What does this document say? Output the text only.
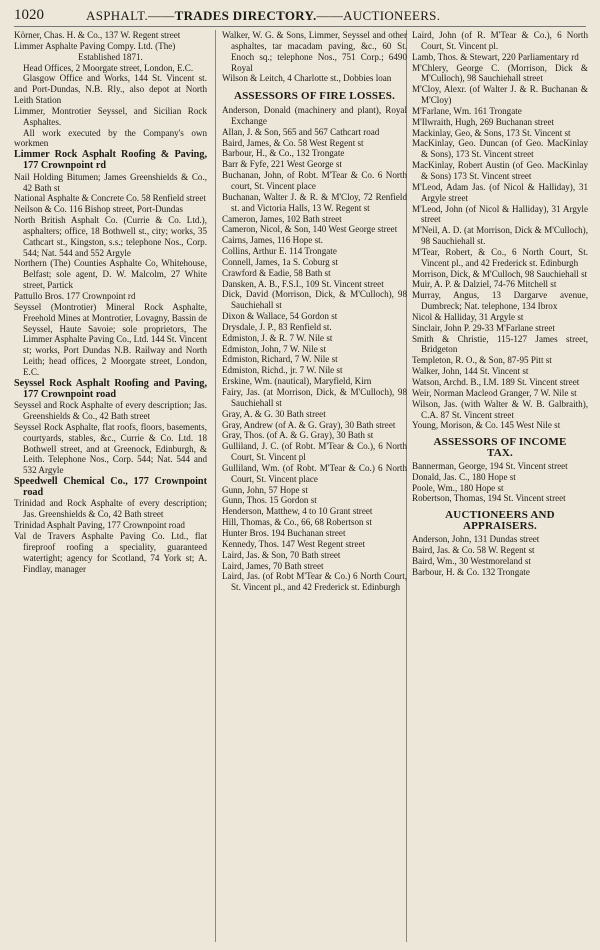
1020	ASPHALT.——TRADES DIRECTORY.——AUCTIONEERS.

Körner, Chas. H. & Co., 137 W. Regent street

Limmer Asphalte Paving Compy. Ltd. (The)

Established 1871.

Head Offices, 2 Moorgate street, London, E.C.

Glasgow Office and Works, 144 St. Vincent st. and Port-Dundas, N.B. Rly., also depot at North Leith Station

Limmer, Montrotier Seyssel, and Sicilian Rock Asphaltes.

All work executed by the Company's own workmen

Limmer Rock Asphalt Roofing & Paving, 177 Crownpoint rd

Nail Holding Bitumen; James Greenshields & Co., 42 Bath st

National Asphalte & Concrete Co. 58 Renfield street

Neilson & Co. 116 Bishop street, Port-Dundas

North British Asphalt Co. (Currie & Co. Ltd.), asphalters; office, 18 Bothwell st., city; works, 35 Cathcart st., Kingston, s.s.; telephone Nos., Corp. 544; Nat. 544 and 552 Argyle

Northern (The) Counties Asphalte Co, Whitehouse, Belfast; sole agent, D. W. Malcolm, 27 White street, Partick

Pattullo Bros. 177 Crownpoint rd

Seyssel (Montrotier) Mineral Rock Asphalte, Freehold Mines at Montrotier, Lovagny, Bassin de Seyssel, Haute Savoie; sole proprietors, The Limmer Asphalte Paving Co., Ltd. 144 St. Vincent st; works, Port Dundas N.B. Railway and North Leith; head offices, 2 Moorgate street, London, E.C.

Seyssel Rock Asphalt Roofing and Paving, 177 Crownpoint road

Seyssel and Rock Asphalte of every description; Jas. Greenshields & Co., 42 Bath street

Seyssel Rock Asphalte, flat roofs, floors, basements, courtyards, stables, &c., Currie & Co. Ltd. 18 Bothwell street, and at Greenock, Edinburgh, & Leith. Telephone Nos., Corp. 544; Nat. 544 and 532 Argyle

Speedwell Chemical Co., 177 Crownpoint road

Trinidad and Rock Asphalte of every description; Jas. Greenshields & Co, 42 Bath street

Trinidad Asphalt Paving, 177 Crownpoint road

Val de Travers Asphalte Paving Co. Ltd., flat fireproof roofing a speciality, guaranteed watertight; agency for Scotland, 74 York st; A. Findlay, manager

Walker, W. G. & Sons, Limmer, Seyssel and other asphaltes, tar macadam paving, &c., 60 St. Enoch sq.; telephone Nos., 751 Corp.; 6490 Royal

Wilson & Leitch, 4 Charlotte st., Dobbies loan

ASSESSORS OF FIRE LOSSES.

Anderson, Donald (machinery and plant), Royal Exchange

Allan, J. & Son, 565 and 567 Cathcart road

Baird, James, & Co. 58 West Regent st

Barbour, H., & Co., 132 Trongate

Barr & Fyfe, 221 West George st

Buchanan, John, of Robt. M'Tear & Co. 6 North court, St. Vincent place

Buchanan, Walter J. & R. & M'Cloy, 72 Renfield st. and Victoria Halls, 13 W. Regent st

Cameron, James, 102 Bath street

Cameron, Nicol, & Son, 140 West George street

Cairns, James, 116 Hope st.

Collins, Arthur E. 114 Trongate

Connell, James, 1a S. Coburg st

Crawford & Eadie, 58 Bath st

Dansken, A. B., F.S.I., 109 St. Vincent street

Dick, David (Morrison, Dick, & M'Culloch), 98 Sauchiehall st

Dixon & Wallace, 54 Gordon st

Drysdale, J. P., 83 Renfield st.

Edmiston, J. & R. 7 W. Nile st

Edmiston, John, 7 W. Nile st

Edmiston, Richard, 7 W. Nile st

Edmiston, Richd., jr. 7 W. Nile st

Erskine, Wm. (nautical), Maryfield, Kirn

Fairy, Jas. (at Morrison, Dick, & M'Culloch), 98 Sauchiehall st

Gray, A. & G. 30 Bath street

Gray, Andrew (of A. & G. Gray), 30 Bath street

Gray, Thos. (of A. & G. Gray), 30 Bath st

Gulliland, J. C. (of Robt. M'Tear & Co.), 6 North Court, St. Vincent pl

Gulliland, Wm. (of Robt. M'Tear & Co.) 6 North Court, St. Vincent place

Gunn, John, 57 Hope st

Gunn, Thos. 15 Gordon st

Henderson, Matthew, 4 to 10 Grant street

Hill, Thomas, & Co., 66, 68 Robertson st

Hunter Bros. 194 Buchanan street

Kennedy, Thos. 147 West Regent street

Laird, Jas. & Son, 70 Bath street

Laird, James, 70 Bath street

Laird, Jas. (of Robt M'Tear & Co.) 6 North Court, St. Vincent pl., and 42 Frederick st. Edinburgh

Laird, John (of R. M'Tear & Co.), 6 North Court, St. Vincent pl.

Lamb, Thos. & Stewart, 220 Parliamentary rd

M'Chlery, George C. (Morrison, Dick & M'Culloch), 98 Sauchiehall street

M'Cloy, Alexr. (of Walter J. & R. Buchanan & M'Cloy)

M'Farlane, Wm. 161 Trongate

M'Ilwraith, Hugh, 269 Buchanan street

Mackinlay, Geo, & Sons, 173 St. Vincent st

MacKinlay, Geo. Duncan (of Geo. MacKinlay & Sons), 173 St. Vincent street

MacKinlay, Robert Austin (of Geo. MacKinlay & Sons) 173 St. Vincent street

M'Leod, Adam Jas. (of Nicol & Halliday), 31 Argyle street

M'Leod, John (of Nicol & Halliday), 31 Argyle street

M'Neil, A. D. (at Morrison, Dick & M'Culloch), 98 Sauchiehall st.

M'Tear, Robert, & Co., 6 North Court, St. Vincent pl., and 42 Frederick st. Edinburgh

Morrison, Dick, & M'Culloch, 98 Sauchiehall st

Muir, A. P. & Dalziel, 74-76 Mitchell st

Murray, Angus, 13 Dargarve avenue, Dumbreck; Nat. telephone, 134 Ibrox

Nicol & Halliday, 31 Argyle st

Sinclair, John P. 29-33 M'Farlane street

Smith & Christie, 115-127 James street, Bridgeton

Templeton, R. O., & Son, 87-95 Pitt st

Walker, John, 144 St. Vincent st

Watson, Archd. B., I.M. 189 St. Vincent street

Weir, Norman Macleod Granger, 7 W. Nile st

Wilson, Jas. (with Walter & W. B. Galbraith), C.A. 87 St. Vincent street

Young, Morison, & Co. 145 West Nile st

ASSESSORS OF INCOME
TAX.

Bannerman, George, 194 St. Vincent street

Donald, Jas. C., 180 Hope st

Poole, Wm., 180 Hope st

Robertson, Thomas, 194 St. Vincent street

AUCTIONEERS AND
APPRAISERS.

Anderson, John, 131 Dundas street

Baird, Jas. & Co. 58 W. Regent st

Baird, Wm., 30 Westmoreland st

Barbour, H. & Co. 132 Trongate
